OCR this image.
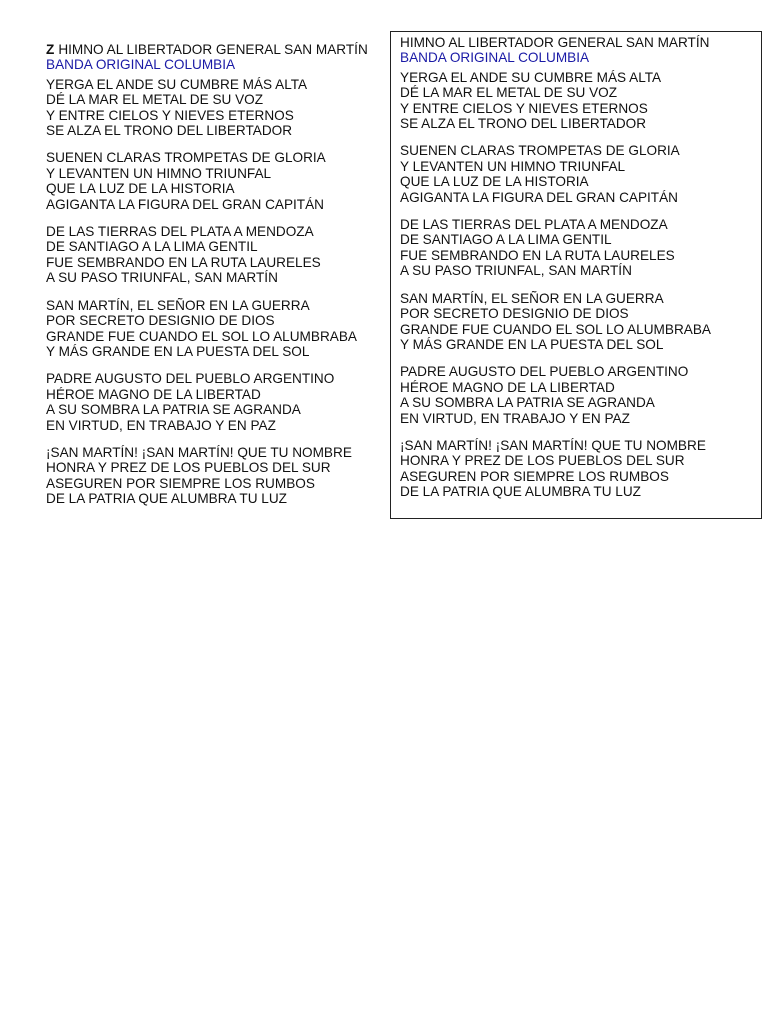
Z HIMNO AL LIBERTADOR GENERAL SAN MARTÍN

BANDA ORIGINAL COLUMBIA

YERGA EL ANDE SU CUMBRE MÁS ALTA
DÉ LA MAR EL METAL DE SU VOZ
Y ENTRE CIELOS Y NIEVES ETERNOS
SE ALZA EL TRONO DEL LIBERTADOR
SUENEN CLARAS TROMPETAS DE GLORIA
Y LEVANTEN UN HIMNO TRIUNFAL
QUE LA LUZ DE LA HISTORIA
AGIGANTA LA FIGURA DEL GRAN CAPITÁN
DE LAS TIERRAS DEL PLATA A MENDOZA
DE SANTIAGO A LA LIMA GENTIL
FUE SEMBRANDO EN LA RUTA LAURELES
A SU PASO TRIUNFAL, SAN MARTÍN
SAN MARTÍN, EL SEÑOR EN LA GUERRA
POR SECRETO DESIGNIO DE DIOS
GRANDE FUE CUANDO EL SOL LO ALUMBRABA
Y MÁS GRANDE EN LA PUESTA DEL SOL
PADRE AUGUSTO DEL PUEBLO ARGENTINO
HÉROE MAGNO DE LA LIBERTAD
A SU SOMBRA LA PATRIA SE AGRANDA
EN VIRTUD, EN TRABAJO Y EN PAZ
¡SAN MARTÍN! ¡SAN MARTÍN! QUE TU NOMBRE
HONRA Y PREZ DE LOS PUEBLOS DEL SUR
ASEGUREN POR SIEMPRE LOS RUMBOS
DE LA PATRIA QUE ALUMBRA TU LUZ

HIMNO AL LIBERTADOR GENERAL SAN MARTÍN

BANDA ORIGINAL COLUMBIA

YERGA EL ANDE SU CUMBRE MÁS ALTA
DÉ LA MAR EL METAL DE SU VOZ
Y ENTRE CIELOS Y NIEVES ETERNOS
SE ALZA EL TRONO DEL LIBERTADOR
SUENEN CLARAS TROMPETAS DE GLORIA
Y LEVANTEN UN HIMNO TRIUNFAL
QUE LA LUZ DE LA HISTORIA
AGIGANTA LA FIGURA DEL GRAN CAPITÁN
DE LAS TIERRAS DEL PLATA A MENDOZA
DE SANTIAGO A LA LIMA GENTIL
FUE SEMBRANDO EN LA RUTA LAURELES
A SU PASO TRIUNFAL, SAN MARTÍN
SAN MARTÍN, EL SEÑOR EN LA GUERRA
POR SECRETO DESIGNIO DE DIOS
GRANDE FUE CUANDO EL SOL LO ALUMBRABA
Y MÁS GRANDE EN LA PUESTA DEL SOL
PADRE AUGUSTO DEL PUEBLO ARGENTINO
HÉROE MAGNO DE LA LIBERTAD
A SU SOMBRA LA PATRIA SE AGRANDA
EN VIRTUD, EN TRABAJO Y EN PAZ
¡SAN MARTÍN! ¡SAN MARTÍN! QUE TU NOMBRE
HONRA Y PREZ DE LOS PUEBLOS DEL SUR
ASEGUREN POR SIEMPRE LOS RUMBOS
DE LA PATRIA QUE ALUMBRA TU LUZ
